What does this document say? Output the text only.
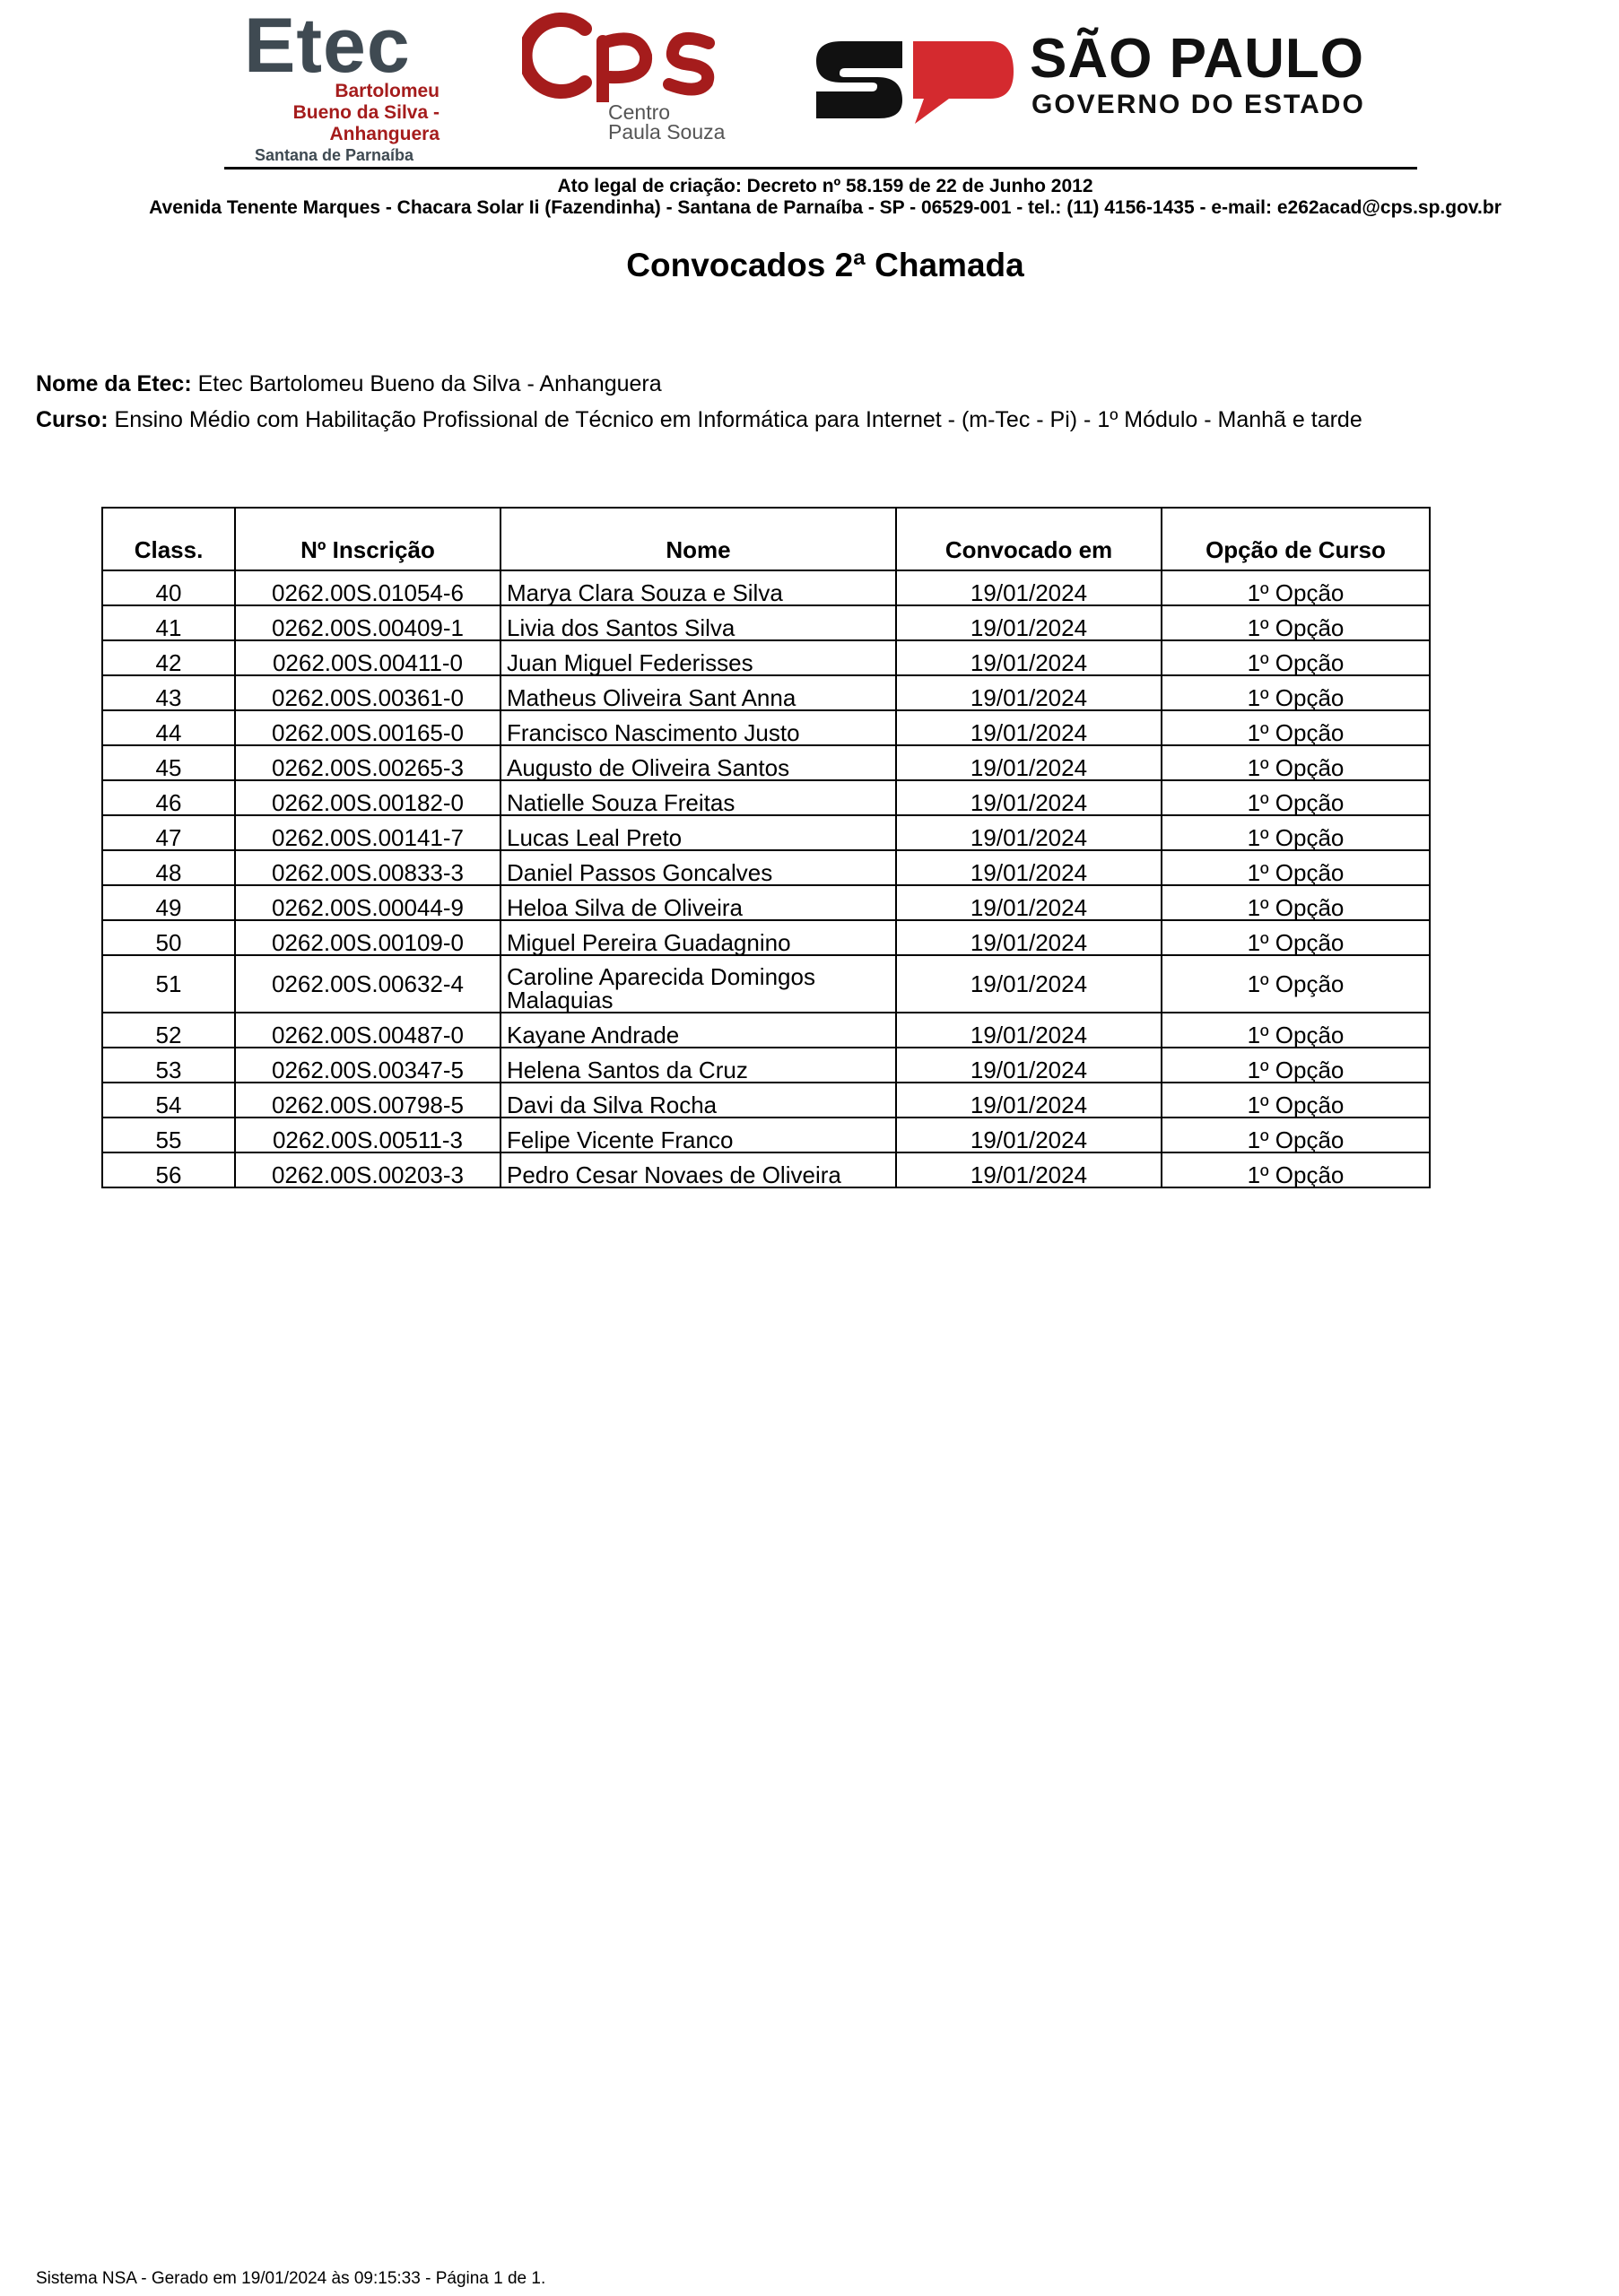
Etec
Bartolomeu
Bueno da Silva -
Anhanguera
Santana de Parnaíba
Centro
Paula Souza
SÃO PAULO
GOVERNO DO ESTADO
Ato legal de criação: Decreto nº 58.159 de 22 de Junho 2012
Avenida Tenente Marques - Chacara Solar Ii (Fazendinha) - Santana de Parnaíba - SP - 06529-001 - tel.: (11) 4156-1435 - e-mail: e262acad@cps.sp.gov.br
Convocados 2ª Chamada
Nome da Etec: Etec Bartolomeu Bueno da Silva - Anhanguera
Curso: Ensino Médio com Habilitação Profissional de Técnico em Informática para Internet - (m-Tec - Pi) - 1º Módulo - Manhã e tarde
Class.	Nº Inscrição	Nome	Convocado em	Opção de Curso
40	0262.00S.01054-6	Marya Clara Souza e Silva	19/01/2024	1º Opção
41	0262.00S.00409-1	Livia dos Santos Silva	19/01/2024	1º Opção
42	0262.00S.00411-0	Juan Miguel Federisses	19/01/2024	1º Opção
43	0262.00S.00361-0	Matheus Oliveira Sant Anna	19/01/2024	1º Opção
44	0262.00S.00165-0	Francisco Nascimento Justo	19/01/2024	1º Opção
45	0262.00S.00265-3	Augusto de Oliveira Santos	19/01/2024	1º Opção
46	0262.00S.00182-0	Natielle Souza Freitas	19/01/2024	1º Opção
47	0262.00S.00141-7	Lucas Leal Preto	19/01/2024	1º Opção
48	0262.00S.00833-3	Daniel Passos Goncalves	19/01/2024	1º Opção
49	0262.00S.00044-9	Heloa Silva de Oliveira	19/01/2024	1º Opção
50	0262.00S.00109-0	Miguel Pereira Guadagnino	19/01/2024	1º Opção
51	0262.00S.00632-4	Caroline Aparecida Domingos Malaquias	19/01/2024	1º Opção
52	0262.00S.00487-0	Kayane Andrade	19/01/2024	1º Opção
53	0262.00S.00347-5	Helena Santos da Cruz	19/01/2024	1º Opção
54	0262.00S.00798-5	Davi da Silva Rocha	19/01/2024	1º Opção
55	0262.00S.00511-3	Felipe Vicente Franco	19/01/2024	1º Opção
56	0262.00S.00203-3	Pedro Cesar Novaes de Oliveira	19/01/2024	1º Opção
Sistema NSA - Gerado em 19/01/2024 às 09:15:33 - Página 1 de 1.
